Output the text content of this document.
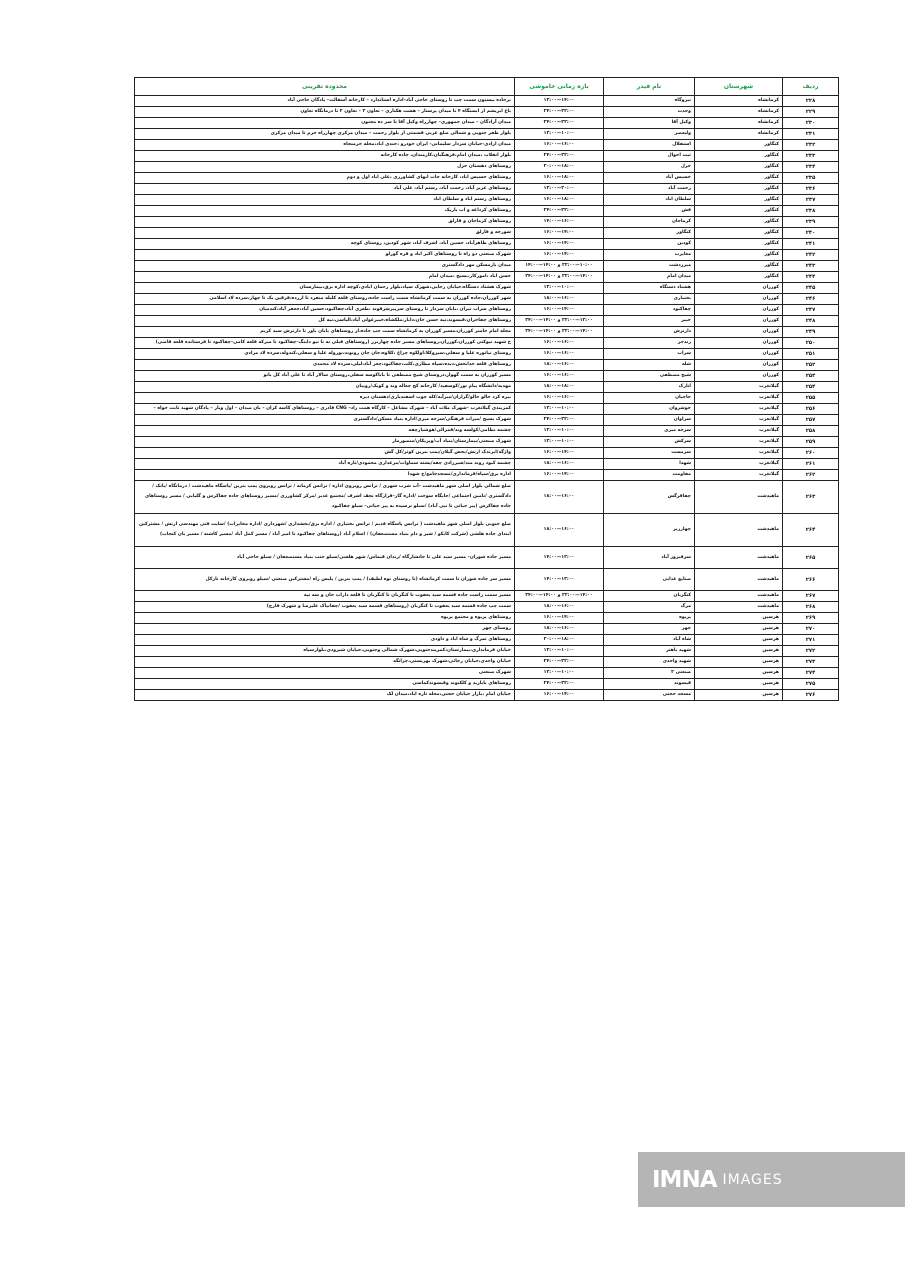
ردیف	شهرستان	نام فیدر	بازه زمانی خاموشی	محدوده تقریبی
۲۲۸	کرمانشاه	نیروگاه	۱۴:۰۰—۱۲:۰۰	برخاده بیستون سمت چپ تا روستای حاجی آباد–اداره استاندارد – کارخانه آسفالت– پادگان حاجی آباد
۲۲۹	کرمانشاه	وحدت	۲۲:۰۰—۲۴:۰۰	باغ ابریشم از ایستگاه ۴ تا میدان پرستار – هشت هکتاری – تعاون ۳ – تعاون ۲ تا درمانگاه تعاون
۲۳۰	کرمانشاه	وکیل آقا	۲۲:۰۰—۲۴:۰۰	میدان آزادگان – میدان جمهوری– چهارراه وکیل آقا تا سر ده مجنون
۲۳۱	کرمانشاه	ولیعصر	۱۰:۰۰—۱۲:۰۰	بلوار ظفر جنوبی و شمالی ضلع غربی قسمتی از بلوار رحمت – میدان مرکزی چهارراه خرم تا میدان مرکزی
۲۳۲	کنگاور	استقلال	۱۶:۰۰—۱۶:۰۰	میدان ازادی-خیابان سردار سلیمانی- ایران خودرو ،جندی اباد،محله خرمنجاه
۲۳۳	کنگاور	ثبت احوال	۲۲:۰۰—۲۴:۰۰	بلوار انقلاب ،میدان امام،فرهنگیان،کارمندان، جاده کارخانه
۲۳۴	کنگاور	خزل	۱۸:۰۰—۲۰:۰۰	روستاهای دهستان خزل
۲۳۵	کنگاور	خسیس آباد	۱۸:۰۰—۱۶:۰۰	روستاهای خسیس اباد، کارخانه جات ابهای کشاورزی ،علی اباد اول و دوم
۲۳۶	کنگاور	رحمت آباد	۲۰:۰۰—۱۲:۰۰	روستاهای عزیز آباد، رحمت آباد، رستم آباد، علی آباد
۲۳۷	کنگاور	سلطان اباد	۱۸:۰۰—۱۶:۰۰	روستاهای رستم اباد و سلطان اباد
۲۳۸	کنگاور	فش	۲۲:۰۰—۲۴:۰۰	روستاهای کرداغه و اب باریک
۲۳۹	کنگاور	کرماجان	۱۶:۰۰—۱۴:۰۰	روستاهای کرماجان و قارلق
۲۴۰	کنگاور	کنگاور	۱۴:۰۰—۱۶:۰۰	شورجه و فارلق
۲۴۱	کنگاور	کودین	۱۴:۰۰—۱۶:۰۰	روستاهای طاهرآباد، حسین آباد، اشرف آباد، شهر کودین، روستای کوچه
۲۴۲	کنگاور	مغایرت	۱۴:۰۰—۱۶:۰۰	شهرک صنعتی دو راه تا روستاهای اکبر اباد و قره گوزلو
۲۴۳	کنگاور	میرزدشت	۱۰:۰۰—۲۲:۰۰ و ۱۴:۰۰—۱۴:۰۰	میدان بارمسکن مهر دادگستری
۲۴۴	کنگاور	میدان امام	۱۴:۰۰—۲۲:۰۰ و ۱۴:۰۰—۲۴:۰۰	حسن اباد ،امورکار،بسیج ،میدان امام
۲۴۵	کوزران	هشتاد دستگاه	۱۰:۰۰—۱۲:۰۰	شهرک هشتاد دستگاه،خیابان رجایی،شهرک سپاد،بلوار رحمان ابادی،کوچه اداره برق،بیمارستان
۲۴۶	کوزران	بختیاری	۱۶:۰۰—۱۸:۰۰	شهر کوزران،جاده کوزران به سمت کرمانشاه سمت راست جاده،روستای قلعه کلیله منفرد تا ازرده،فرقین یک تا چهار،سرده لاد اسلامی
۲۴۷	کوزران	چقاکبود	۱۴:۰۰—۱۶:۰۰	روستاهای سراب نیران ،بابان سردار تا روستای سرپیرشرقوند ،طغری آباد،چقاکبود،حسین آباد،جعفر آباد،کندمیان
۲۴۸	کوزران	خیبر	۱۲:۰۰—۲۲:۰۰ و ۱۴:۰۰—۲۴:۰۰	روستاهای چقاخزان،قیسوند،نیه حسن خان،دابار،ملکشاه،خیبرعولی آباد،الیاسی،نیه کل
۲۴۹	کوزران	دارنرش	۱۴:۰۰—۲۲:۰۰ و ۱۴:۰۰—۲۴:۰۰	محله امام خامنر کوزران،مسیر کوزران به کرمانشاه سمت چپ جاده،از روستاهای بابان یاور تا دارنرش سید کریم
۲۵۰	کوزران	زندجر	۱۶:۰۰—۱۶:۰۰	خ شهید نیوکتی کوزران،کوزران،روستاهای مسیر جاده چهاربزر (روستاهای قبلی نه تا نیو داینگ–چقاکبود تا میرکه قلعه کامی–چقاکبود تا فرستانده قلعه قاضی)
۲۵۱	کوزران	سراب	۱۶:۰۰—۱۶:۰۰	روستای تیاتوره علیا و سفلی،سیروکلا،اولکوه چراغ ،کلاوه،جان جان رونوند،نوروله علیا و سفلی،کندوله،سرده لاد مرادی
۲۵۲	کوزران	شله	۱۶:۰۰—۱۸:۰۰	روستاهای قلعه خدابخش،دیده،سپاه مطاری،کلت،چقاکبود،چغر آباد،لیلی،سرده لاد محمدی
۲۵۳	کوزران	شیخ مصطفی	۱۶:۰۰—۱۶:۰۰	مسیر کوزران به سمت گهوار،دروستای شیخ مصطفی تا باباکوسه سفلی،روستای سالار آباد تا علی آباد کل بانو
۲۵۴	گیلانغرب	انارک	۱۸:۰۰—۱۸:۰۰	مهدیه/دانشگاه پیام نور/کوسفید/ کارخانه کج چغاله وند و کویک/رویبان
۲۵۵	گیلانغرب	حاجیان	۱۶:۰۰—۱۶:۰۰	بیره کرد خالو خالو/گرازان/میرآبه/کله چوب اسفندیاری/دهستان دیره
۲۵۶	گیلانغرب	خوشروان	۱۰:۰۰—۱۲:۰۰	کمربندی گیلانغرب –شهرک ملات آباد – شهرک مشاغل – کارگاه همت زاد– CNG قادری – روستاهای کاسه کران – بان میدان – اول وبار – پادگان شهید ثابت خواه –
۲۵۷	گیلانغرب	سراوان	۲۲:۰۰—۲۴:۰۰	شهرک بسیج /میراث فرهنگی/سرخه میری/اداره بنیاد مسکن/دادگستری
۲۵۸	گیلانغرب	سرخه میری	۱۰:۰۰—۱۲:۰۰	چشمه نظامی/کولسه وند/قمرالی/هوشیارچقه
۲۵۹	گیلانغرب	سرکش	۱۰:۰۰—۱۲:۰۰	شهرک صنعتی/بیمارستان/بنیاد آب/ویزیکان/منصورمار
۲۶۰	گیلانغرب	سرمست	۱۴:۰۰—۱۶:۰۰	واژگه/ایرندک ارتش/بخش گیلان/پمپ بنزین کوثر/کل گش
۲۶۱	گیلانغرب	شهدا	۱۶:۰۰—۱۸:۰۰	چشمه کبود روند مند/شیرزادی چقه/پشته سماوات/مرغداری محمودی/تازه آباد
۲۶۲	گیلانغرب	مقاومت	۱۴:۰۰—۱۶:۰۰	اداره برق/سپاه/فرمانداری/مسجدجامع/خ شهدا
۲۶۳	ماهیدشت	چقاقرگس	۱۶:۰۰—۱۸:۰۰	ضلع شمالی بلوار اصلی شهر ماهیدشت –آب شرب شهری / ترانس روبروی اداره / ترانس کرمانه / ترانس روبروی پمپ بنزین /پاسگاه ماهیدشت / درمانگاه /بانک /دادگستری /تامین اجتماعی /جایگاه سوخت /اداره گاز–قرارگاه نجف اشرف /مجتمع غدیر /مرکز کشاورزی /مسیر روستاهای جاده چقاکرس و گلیایی / مسیر روستاهای جاده چقاکرس (پیر حیاتی تا نبی آباد) /سیلو نرسیده به پیر حیاتی– سیلو چقاکبود
۲۶۴	ماهیدشت	چهارزبر	۱۶:۰۰—۱۸:۰۰	ضلع جنوبی بلوار اصلی شهر ماهیدشت ( ترانس پاسگاه قدیم / ترانس بختیاری / اداره برق/بخشداری /شهرداری /اداره مخابرات) /سایت فنی مهندسی ارتش / مشترکین ابتدای جاده هلشی (شرکت کابکو / شیر و دام بنیاد مستضعفان) / اسلام آباد (روستاهای چقاکبود تا امیر آباد / مسیر کمل آباد /مسیر کاشنه / مسیر بان کنجاب)
۲۶۵	ماهیدشت	سرفیروز آباد	۱۲:۰۰—۱۴:۰۰	مسیر جاده شوران– مسیر سید علی تا جانشارگاه /زندان قیماس/ شهر هلشی/سیلو جنب بنیاد مستضعفان / سیلو حاجی آباد
۲۶۶	ماهیدشت	صنایع غذایی	۱۲:۰۰—۱۴:۰۰	مسیر سر جاده شوران تا سمت کرمانشاه (تا روستای نوه لطیف) / پمپ بنزین / پلیس راه /مشترکین صنعتی /سیلو روبروی کارخانه تازکل
۲۶۷	ماهیدشت	کنگربان	۱۴:۰۰—۲۲:۰۰ و ۱۴:۰۰—۲۴:۰۰	مسیر سمت راست جاده قسمه سید یعقوب تا کنگربان تا کنگربان تا قلعه داراب خان و سه تپه
۲۶۸	ماهیدشت	مرگ	۱۶:۰۰—۱۸:۰۰	سمت چپ جاده قسمه سید یعقوب تا کنگربان (روستاهای قسمه سید یعقوب /چقانیاک علیرضا و شهرک قارچ)
۲۶۹	هرسین	پریوه	۱۴:۰۰—۱۶:۰۰	روستاهای پریوه و مجتمع پریوه
۲۷۰	هرسین	چهر	۱۶:۰۰—۱۸:۰۰	روستای چهر
۲۷۱	هرسین	شاه آباد	۱۸:۰۰—۲۰:۰۰	روستاهای تمرگ و شاه اباد و داودی
۲۷۲	هرسین	شهید باهنر	۱۰:۰۰—۱۲:۰۰	خیابان فرمانداری،بیمارستان،کمربندجنوبی،شهرک شمالی وجنوبی،خیابان شیرودی،بلوارسپاه
۲۷۳	هرسین	شهید واحدی	۲۲:۰۰—۲۴:۰۰	خیابان واحدی،خیابان رجائی،شهرک بهزیستی،چراتگه
۲۷۴	هرسین	صنعتی ۲	۱۰:۰۰—۱۲:۰۰	شهرک صنعتی
۲۷۵	هرسین	قیسوند	۲۲:۰۰—۲۴:۰۰	روستاهای بابازید و کلکنوند وقیسوندکماسی
۲۷۶	هرسین	مسجد حجتی	۱۴:۰۰—۱۶:۰۰	خیابان امام ،بازار خیابان حجتی،محله تازه اباد،میدان لک
IMNA IMAGES
